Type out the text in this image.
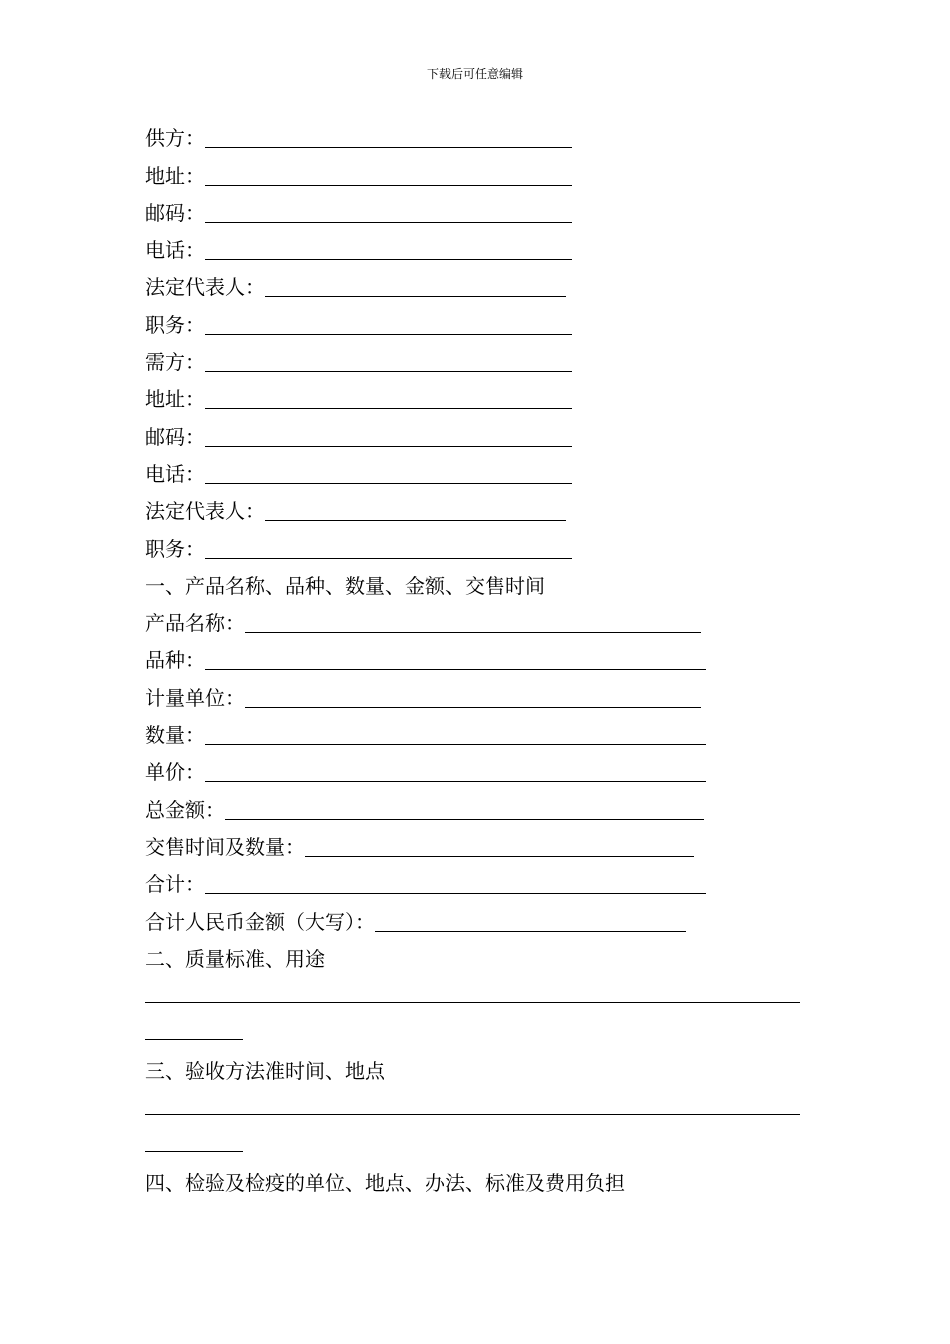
下载后可任意编辑
供方：
地址：
邮码：
电话：
法定代表人：
职务：
需方：
地址：
邮码：
电话：
法定代表人：
职务：
一、产品名称、品种、数量、金额、交售时间
产品名称：
品种：
计量单位：
数量：
单价：
总金额：
交售时间及数量：
合计：
合计人民币金额（大写）：
二、质量标准、用途
三、验收方法准时间、地点
四、检验及检疫的单位、地点、办法、标准及费用负担
